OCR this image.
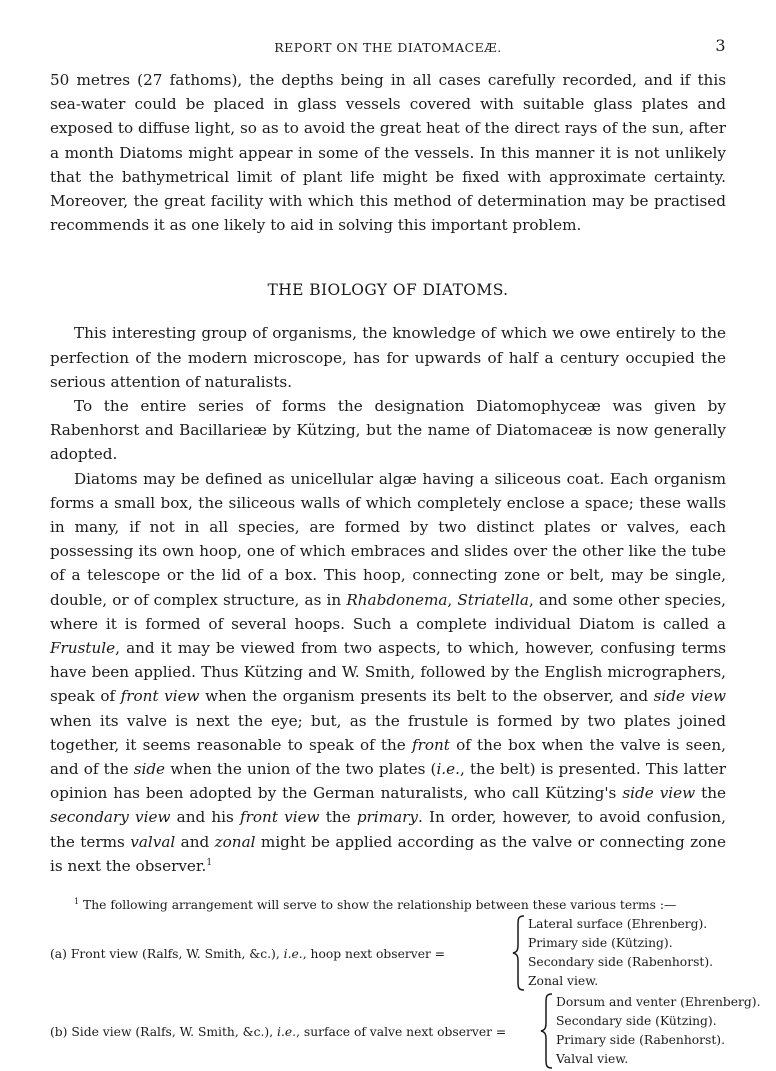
REPORT ON THE DIATOMACEÆ.	3

50 metres (27 fathoms), the depths being in all cases carefully recorded, and if this sea-water could be placed in glass vessels covered with suitable glass plates and exposed to diffuse light, so as to avoid the great heat of the direct rays of the sun, after a month Diatoms might appear in some of the vessels. In this manner it is not unlikely that the bathymetrical limit of plant life might be fixed with approximate certainty. Moreover, the great facility with which this method of determination may be practised recommends it as one likely to aid in solving this important problem.

THE BIOLOGY OF DIATOMS.

This interesting group of organisms, the knowledge of which we owe entirely to the perfection of the modern microscope, has for upwards of half a century occupied the serious attention of naturalists.

To the entire series of forms the designation Diatomophyceæ was given by Rabenhorst and Bacillarieæ by Kützing, but the name of Diatomaceæ is now generally adopted.

Diatoms may be defined as unicellular algæ having a siliceous coat. Each organism forms a small box, the siliceous walls of which completely enclose a space; these walls in many, if not in all species, are formed by two distinct plates or valves, each possessing its own hoop, one of which embraces and slides over the other like the tube of a telescope or the lid of a box. This hoop, connecting zone or belt, may be single, double, or of complex structure, as in Rhabdonema, Striatella, and some other species, where it is formed of several hoops. Such a complete individual Diatom is called a Frustule, and it may be viewed from two aspects, to which, however, confusing terms have been applied. Thus Kützing and W. Smith, followed by the English micrographers, speak of front view when the organism presents its belt to the observer, and side view when its valve is next the eye; but, as the frustule is formed by two plates joined together, it seems reasonable to speak of the front of the box when the valve is seen, and of the side when the union of the two plates (i.e., the belt) is presented. This latter opinion has been adopted by the German naturalists, who call Kützing's side view the secondary view and his front view the primary. In order, however, to avoid confusion, the terms valval and zonal might be applied according as the valve or connecting zone is next the observer.$^1$

$^1$ The following arrangement will serve to show the relationship between these various terms :—
(a) Front view (Ralfs, W. Smith, &c.), i.e., hoop next observer =
Lateral surface (Ehrenberg).
Primary side (Kützing).
Secondary side (Rabenhorst).
Zonal view.
(b) Side view (Ralfs, W. Smith, &c.), i.e., surface of valve next observer =
Dorsum and venter (Ehrenberg).
Secondary side (Kützing).
Primary side (Rabenhorst).
Valval view.
